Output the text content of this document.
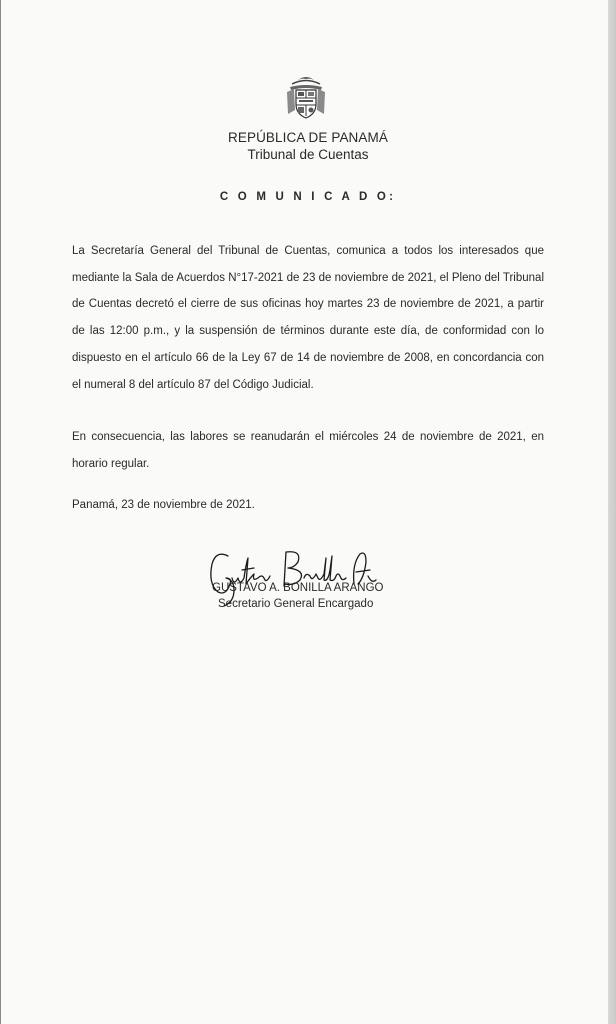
REPÚBLICA DE PANAMÁ
Tribunal de Cuentas
C O M U N I C A D O:

La Secretaría General del Tribunal de Cuentas, comunica a todos los interesados que mediante la Sala de Acuerdos N°17-2021 de 23 de noviembre de 2021, el Pleno del Tribunal de Cuentas decretó el cierre de sus oficinas hoy martes 23 de noviembre de 2021, a partir de las 12:00 p.m., y la suspensión de términos durante este día, de conformidad con lo dispuesto en el artículo 66 de la Ley 67 de 14 de noviembre de 2008, en concordancia con el numeral 8 del artículo 87 del Código Judicial.

En consecuencia, las labores se reanudarán el miércoles 24 de noviembre de 2021, en horario regular.

Panamá, 23 de noviembre de 2021.

GUSTAVO A. BONILLA ARANGO
Secretario General Encargado
